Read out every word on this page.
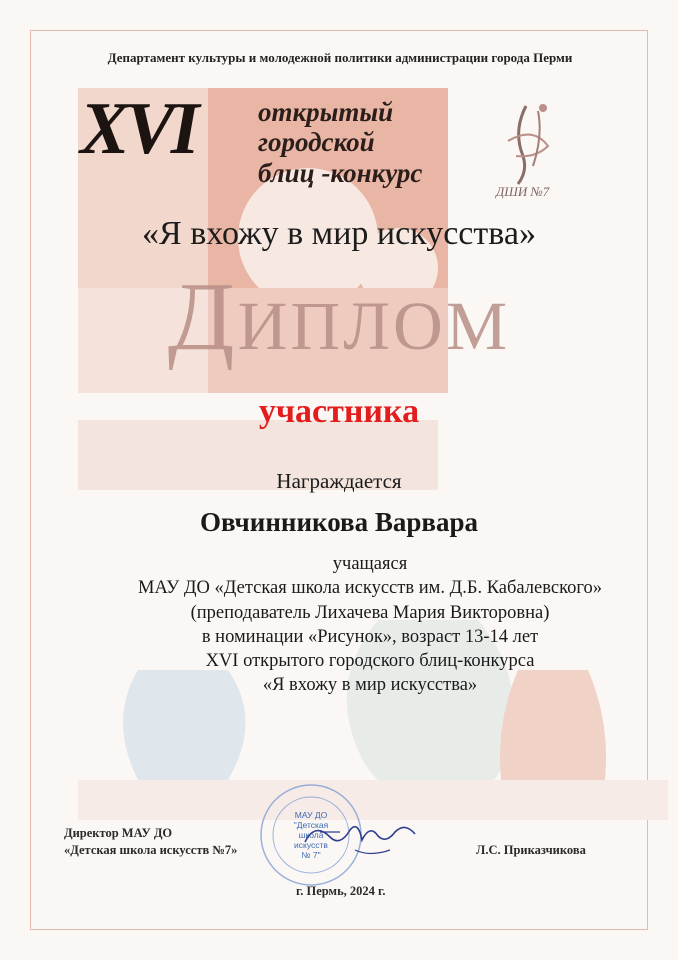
Департамент культуры и молодежной политики администрации города Перми
XVI открытый
городской
блиц -конкурс
ДШИ №7
«Я вхожу в мир искусства»
Диплом
участника
Награждается
Овчинникова Варвара
учащаяся
МАУ ДО «Детская школа искусств им. Д.Б. Кабалевского»
(преподаватель Лихачева Мария Викторовна)
в номинации «Рисунок», возраст 13-14 лет
XVI открытого городского блиц-конкурса
«Я вхожу в мир искусства»
Директор МАУ ДО
«Детская школа искусств №7»
МАУ ДО
"Детская
школа
искусств
№ 7"	Л.С. Приказчикова
г. Пермь, 2024 г.
